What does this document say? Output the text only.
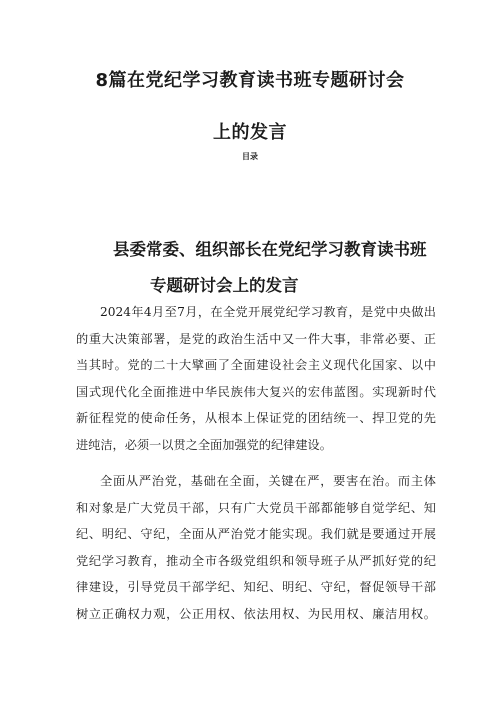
8篇在党纪学习教育读书班专题研讨会
上的发言
目录
县委常委、组织部长在党纪学习教育读书班
专题研讨会上的发言
2024年4月至7月，在全党开展党纪学习教育，是党中央做出
的重大决策部署，是党的政治生活中又一件大事，非常必要、正
当其时。党的二十大擘画了全面建设社会主义现代化国家、以中
国式现代化全面推进中华民族伟大复兴的宏伟蓝图。实现新时代
新征程党的使命任务，从根本上保证党的团结统一、捍卫党的先
进纯洁，必须一以贯之全面加强党的纪律建设。
全面从严治党，基础在全面，关键在严，要害在治。而主体
和对象是广大党员干部，只有广大党员干部都能够自觉学纪、知
纪、明纪、守纪，全面从严治党才能实现。我们就是要通过开展
党纪学习教育，推动全市各级党组织和领导班子从严抓好党的纪
律建设，引导党员干部学纪、知纪、明纪、守纪，督促领导干部
树立正确权力观，公正用权、依法用权、为民用权、廉洁用权。
